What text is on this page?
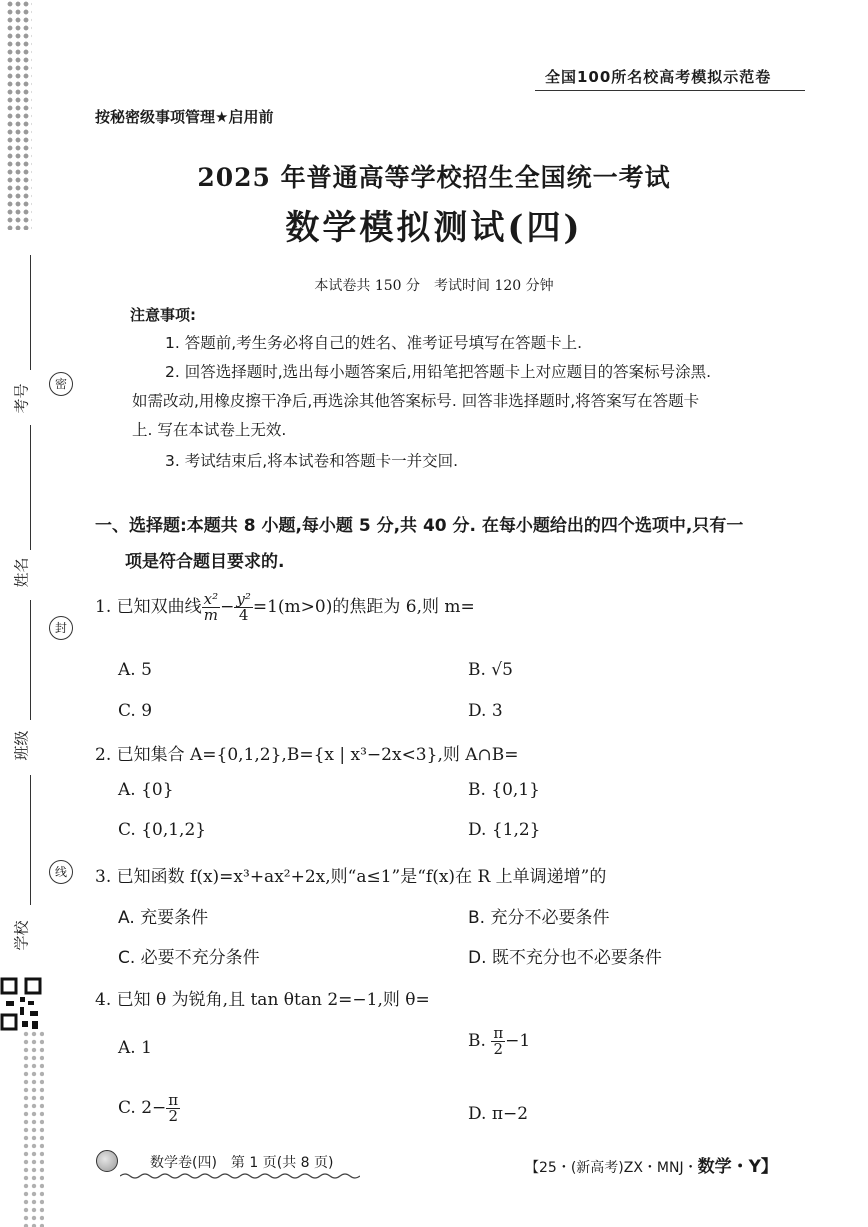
考号
姓名
班级
学校
密
封
线
全国100所名校高考模拟示范卷
按秘密级事项管理★启用前
2025 年普通高等学校招生全国统一考试
数学模拟测试(四)
本试卷共 150 分　考试时间 120 分钟
注意事项:
1. 答题前,考生务必将自己的姓名、准考证号填写在答题卡上.
2. 回答选择题时,选出每小题答案后,用铅笔把答题卡上对应题目的答案标号涂黑.
如需改动,用橡皮擦干净后,再选涂其他答案标号. 回答非选择题时,将答案写在答题卡
上. 写在本试卷上无效.
3. 考试结束后,将本试卷和答题卡一并交回.
一、选择题:本题共 8 小题,每小题 5 分,共 40 分. 在每小题给出的四个选项中,只有一
项是符合题目要求的.
1. 已知双曲线 $\frac{\text{x²}}{m} - \frac{\text{y²}}{4} =1(m>0)$的焦距为 6,则 m=
A. 5	B. √5
C. 9	D. 3
2. 已知集合 A={0,1,2},B={x | x³−2x<3},则 A∩B=
A. {0}	B. {0,1}
C. {0,1,2}	D. {1,2}
3. 已知函数 f(x)=x³+ax²+2x,则“a≤1”是“f(x)在 R 上单调递增”的
A. 充要条件	B. 充分不必要条件
C. 必要不充分条件	D. 既不充分也不必要条件
4. 已知 θ 为锐角,且 tan θtan 2=−1,则 θ=
A. 1	B. $\frac{\pi}{2} -1$
C. $2- \frac{\pi}{2}$	D. π−2
数学卷(四)　第 1 页(共 8 页)	【25・(新高考)ZX・MNJ・数学・Y】
